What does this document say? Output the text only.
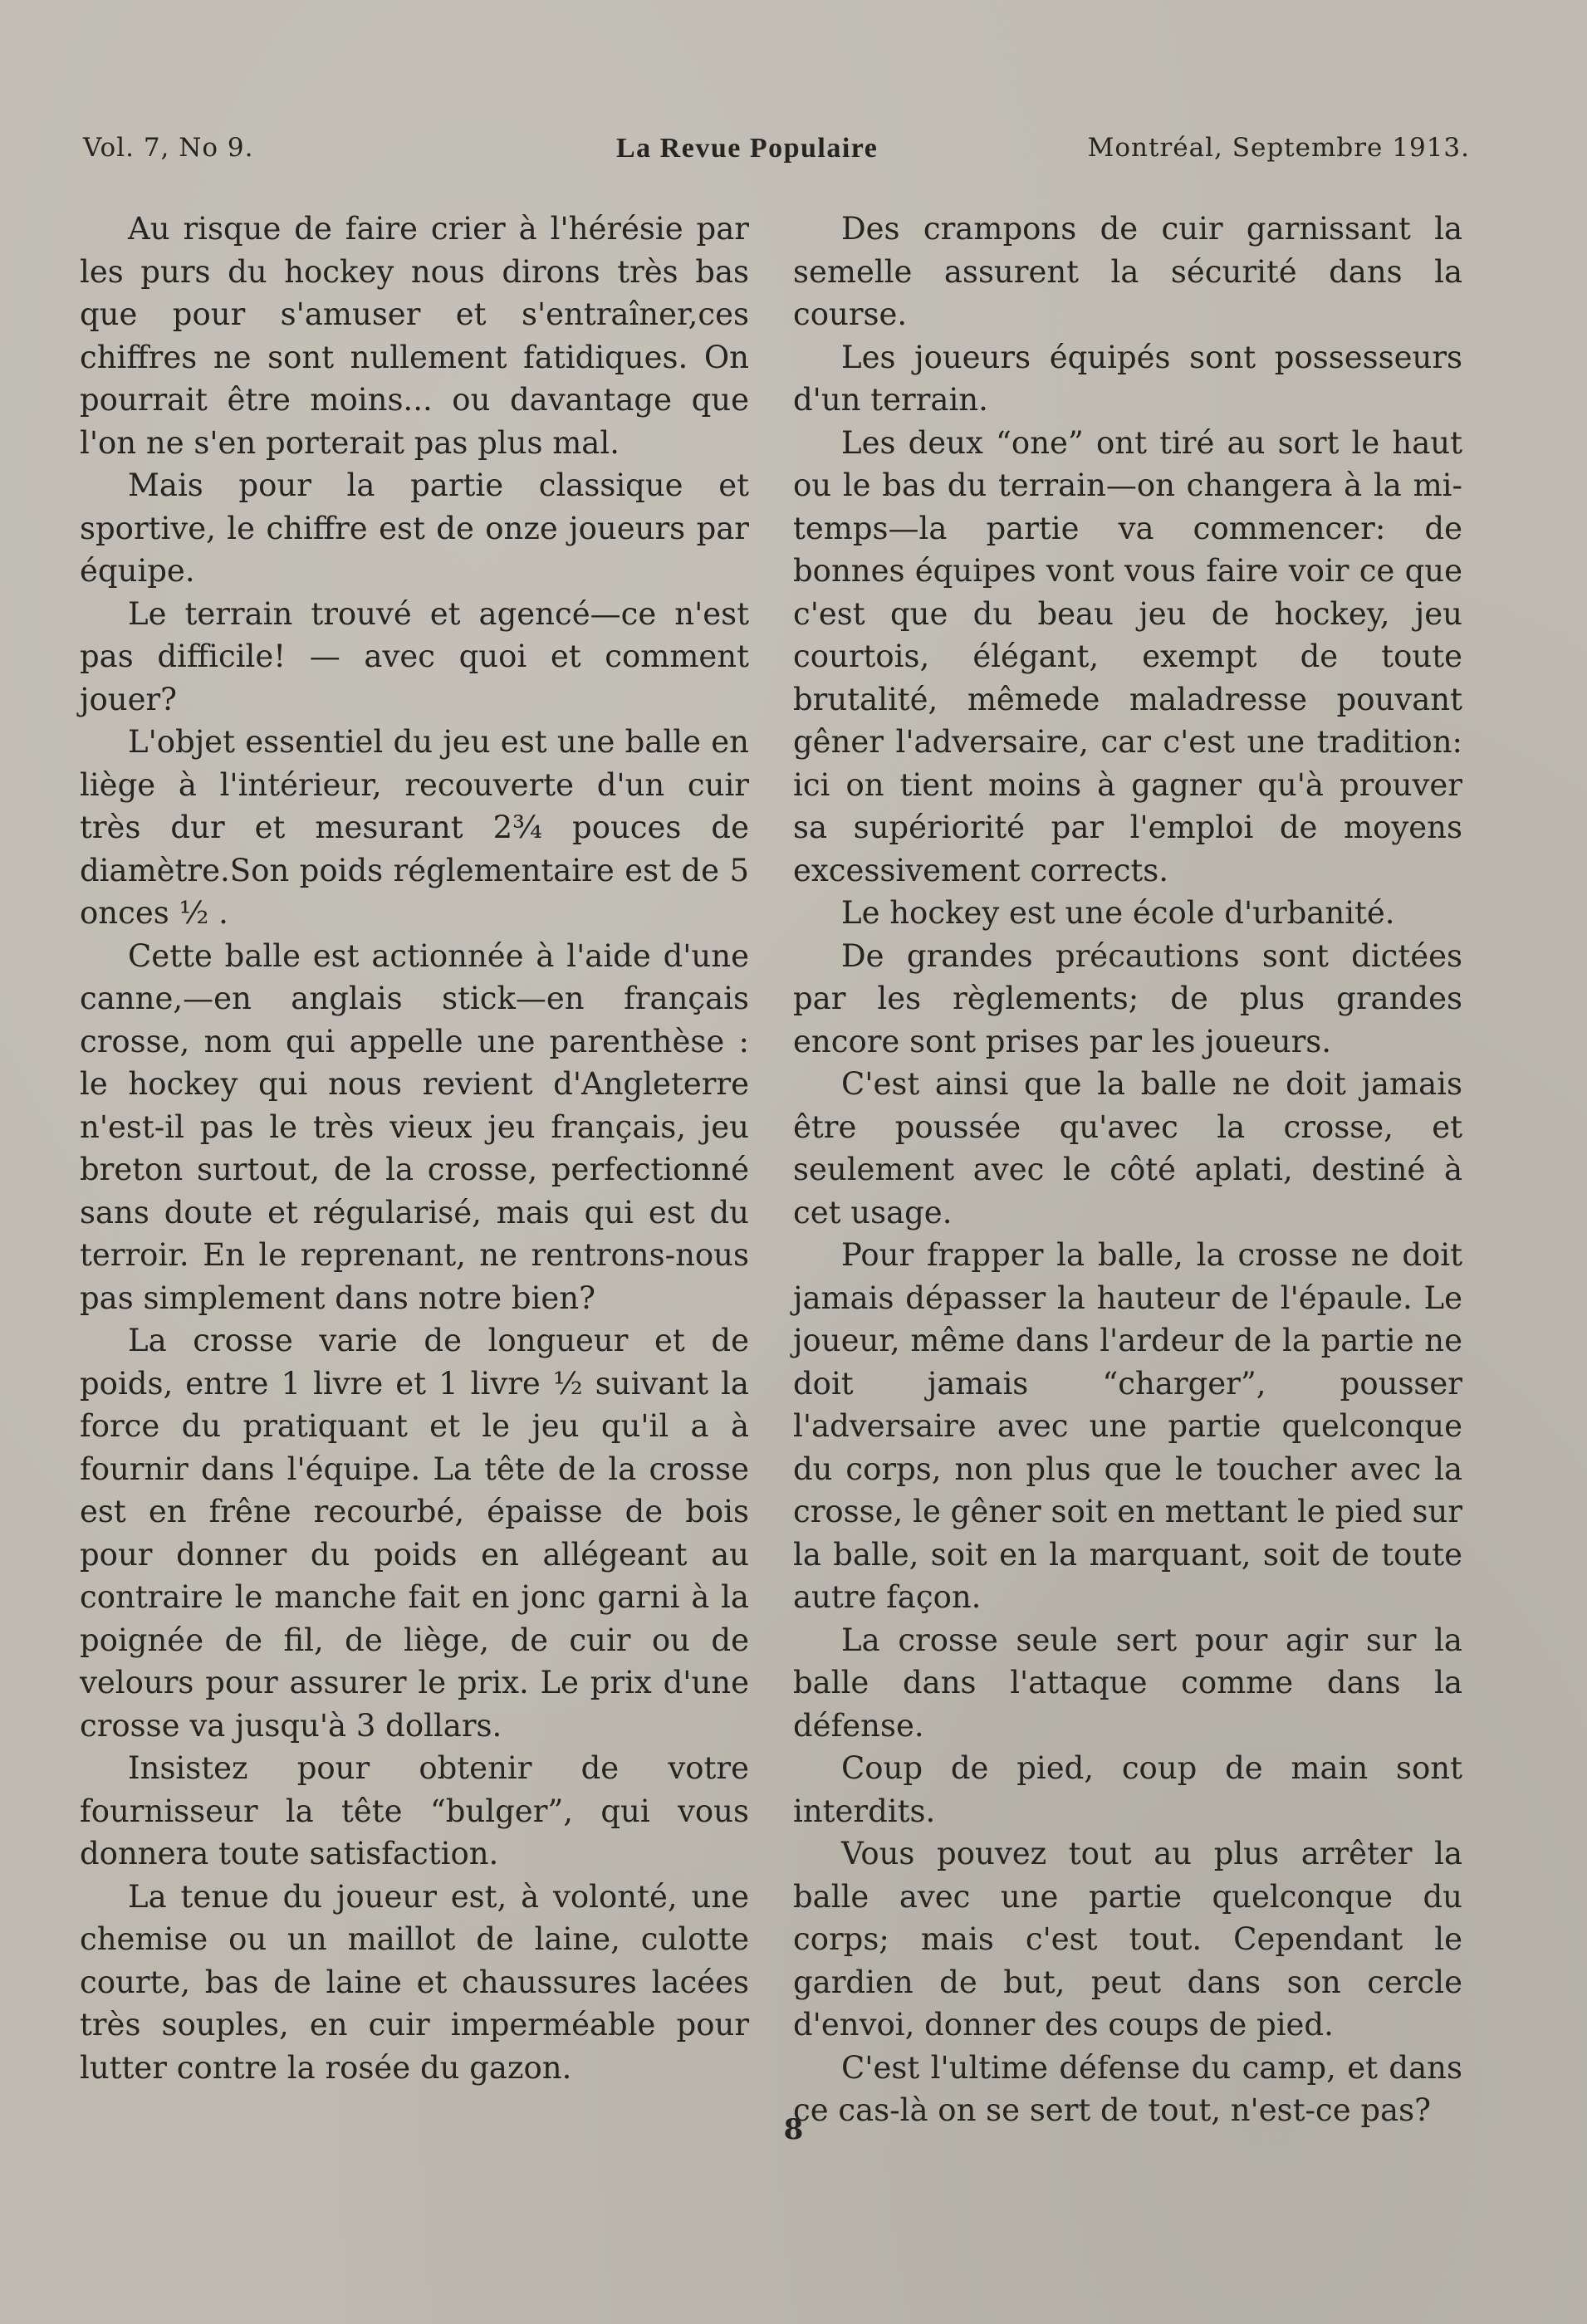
Vol. 7, No 9.	La Revue Populaire	Montréal, Septembre 1913.

Au risque de faire crier à l'hérésie par les purs du hockey nous dirons très bas que pour s'amuser et s'entraîner,ces chiffres ne sont nullement fatidiques. On pourrait être moins... ou davantage que l'on ne s'en porterait pas plus mal.

Mais pour la partie classique et sportive, le chiffre est de onze joueurs par équipe.

Le terrain trouvé et agencé—ce n'est pas difficile! — avec quoi et comment jouer?

L'objet essentiel du jeu est une balle en liège à l'intérieur, recouverte d'un cuir très dur et mesurant 2¾ pouces de diamètre.Son poids réglementaire est de 5 onces ½ .

Cette balle est actionnée à l'aide d'une canne,—en anglais stick—en français crosse, nom qui appelle une parenthèse : le hockey qui nous revient d'Angleterre n'est-il pas le très vieux jeu français, jeu breton surtout, de la crosse, perfectionné sans doute et régularisé, mais qui est du terroir. En le reprenant, ne rentrons-nous pas simplement dans notre bien?

La crosse varie de longueur et de poids, entre 1 livre et 1 livre ½ suivant la force du pratiquant et le jeu qu'il a à fournir dans l'équipe. La tête de la crosse est en frêne recourbé, épaisse de bois pour donner du poids en allégeant au contraire le manche fait en jonc garni à la poignée de fil, de liège, de cuir ou de velours pour assurer le prix. Le prix d'une crosse va jusqu'à 3 dollars.

Insistez pour obtenir de votre fournisseur la tête “bulger”, qui vous donnera toute satisfaction.

La tenue du joueur est, à volonté, une chemise ou un maillot de laine, culotte courte, bas de laine et chaussures lacées très souples, en cuir imperméable pour lutter contre la rosée du gazon.

Des crampons de cuir garnissant la semelle assurent la sécurité dans la course.

Les joueurs équipés sont possesseurs d'un terrain.

Les deux “one” ont tiré au sort le haut ou le bas du terrain—on changera à la mi-temps—la partie va commencer: de bonnes équipes vont vous faire voir ce que c'est que du beau jeu de hockey, jeu courtois, élégant, exempt de toute brutalité, mêmede maladresse pouvant gêner l'adversaire, car c'est une tradition: ici on tient moins à gagner qu'à prouver sa supériorité par l'emploi de moyens excessivement corrects.

Le hockey est une école d'urbanité.

De grandes précautions sont dictées par les règlements; de plus grandes encore sont prises par les joueurs.

C'est ainsi que la balle ne doit jamais être poussée qu'avec la crosse, et seulement avec le côté aplati, destiné à cet usage.

Pour frapper la balle, la crosse ne doit jamais dépasser la hauteur de l'épaule. Le joueur, même dans l'ardeur de la partie ne doit jamais “charger”, pousser l'adversaire avec une partie quelconque du corps, non plus que le toucher avec la crosse, le gêner soit en mettant le pied sur la balle, soit en la marquant, soit de toute autre façon.

La crosse seule sert pour agir sur la balle dans l'attaque comme dans la défense.

Coup de pied, coup de main sont interdits.

Vous pouvez tout au plus arrêter la balle avec une partie quelconque du corps; mais c'est tout. Cependant le gardien de but, peut dans son cercle d'envoi, donner des coups de pied.

C'est l'ultime défense du camp, et dans ce cas-là on se sert de tout, n'est-ce pas?

8
